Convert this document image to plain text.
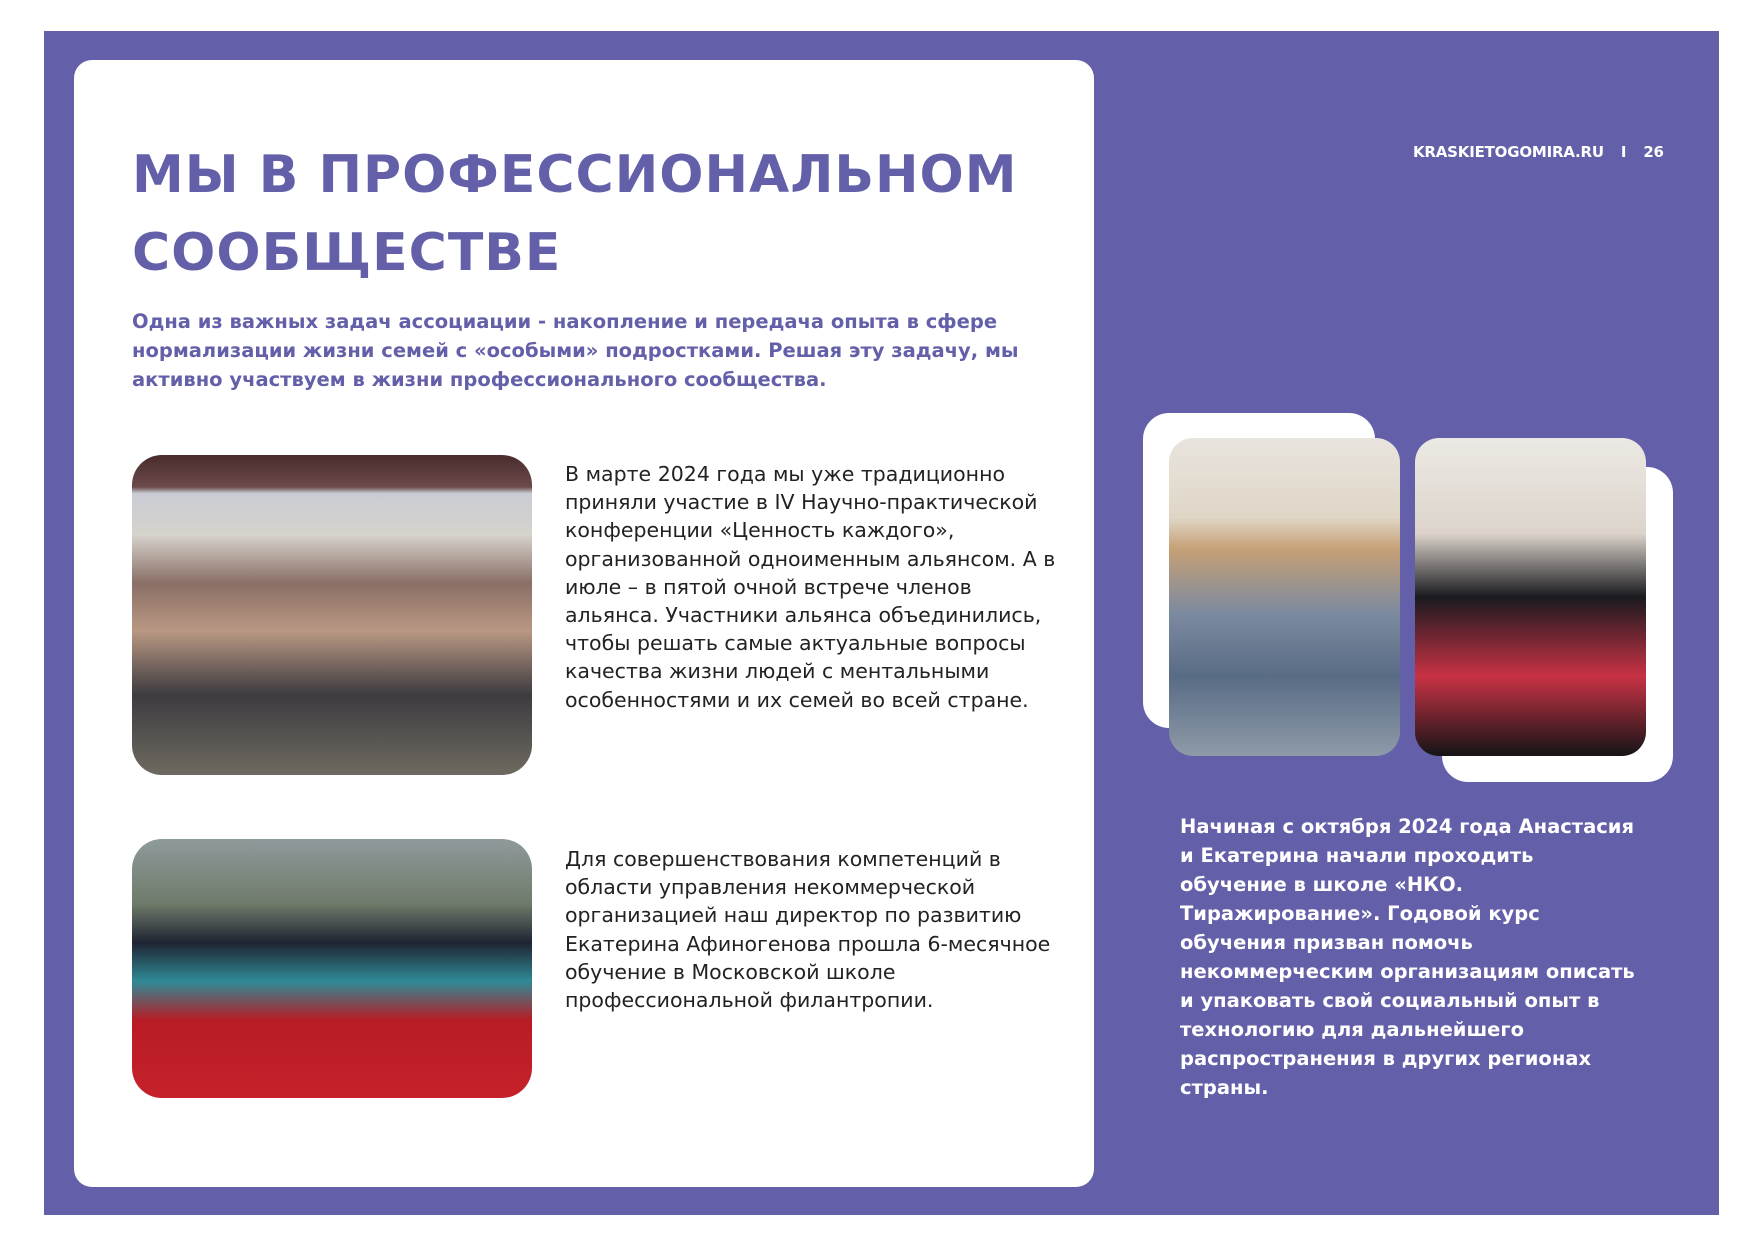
KRASKIETOGOMIRA.RU I 26
МЫ В ПРОФЕССИОНАЛЬНОМ СООБЩЕСТВЕ

Одна из важных задач ассоциации - накопление и передача опыта в сфере нормализации жизни семей с «особыми» подростками. Решая эту задачу, мы активно участвуем в жизни профессионального сообщества.

В марте 2024 года мы уже традиционно приняли участие в IV Научно-практической конференции «Ценность каждого», организованной одноименным альянсом. А в июле – в пятой очной встрече членов альянса. Участники альянса объединились, чтобы решать самые актуальные вопросы качества жизни людей с ментальными особенностями и их семей во всей стране.

Для совершенствования компетенций в области управления некоммерческой организацией наш директор по развитию Екатерина Афиногенова прошла 6-месячное обучение в Московской школе профессиональной филантропии.

Начиная с октября 2024 года Анастасия и Екатерина начали проходить обучение в школе «НКО. Тиражирование». Годовой курс обучения призван помочь некоммерческим организациям описать и упаковать свой социальный опыт в технологию для дальнейшего распространения в других регионах страны.
